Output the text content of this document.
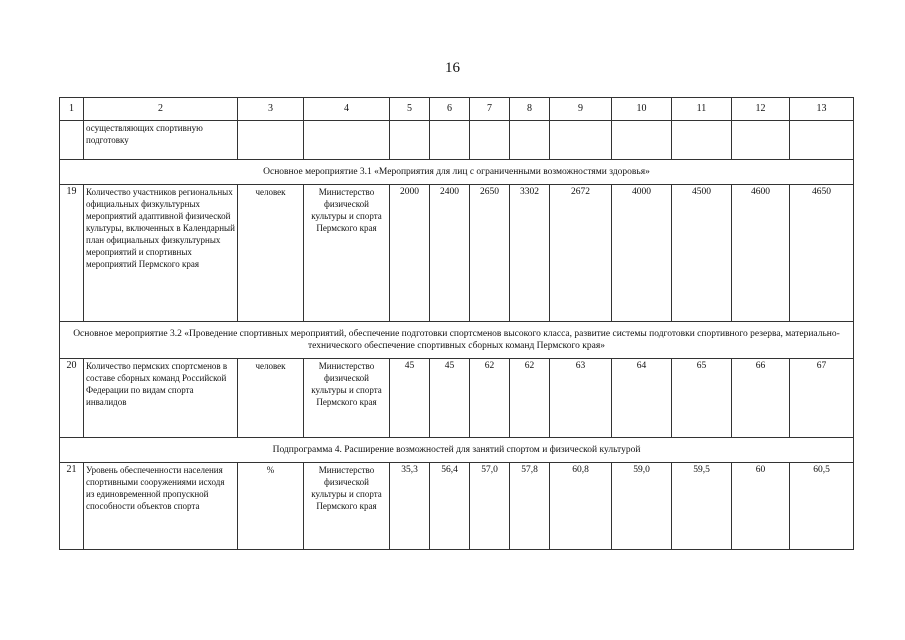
16
1	2	3	4	5	6	7	8	9	10	11	12	13
	осуществляющих спортивную подготовку											
Основное мероприятие 3.1 «Мероприятия для лиц с ограниченными возможностями здоровья»												
19	Количество участников региональных официальных физкультурных мероприятий адаптивной физической культуры, включенных в Календарный план официальных физкультурных мероприятий и спортивных мероприятий Пермского края	человек	Министерство физической культуры и спорта Пермского края	2000	2400	2650	3302	2672	4000	4500	4600	4650
Основное мероприятие 3.2 «Проведение спортивных мероприятий, обеспечение подготовки спортсменов высокого класса, развитие системы подготовки спортивного резерва, материально-технического обеспечение спортивных сборных команд Пермского края»												
20	Количество пермских спортсменов в составе сборных команд Российской Федерации по видам спорта инвалидов	человек	Министерство физической культуры и спорта Пермского края	45	45	62	62	63	64	65	66	67
Подпрограмма 4. Расширение возможностей для занятий спортом и физической культурой												
21	Уровень обеспеченности населения спортивными сооружениями исходя из единовременной пропускной способности объектов спорта	%	Министерство физической культуры и спорта Пермского края	35,3	56,4	57,0	57,8	60,8	59,0	59,5	60	60,5
